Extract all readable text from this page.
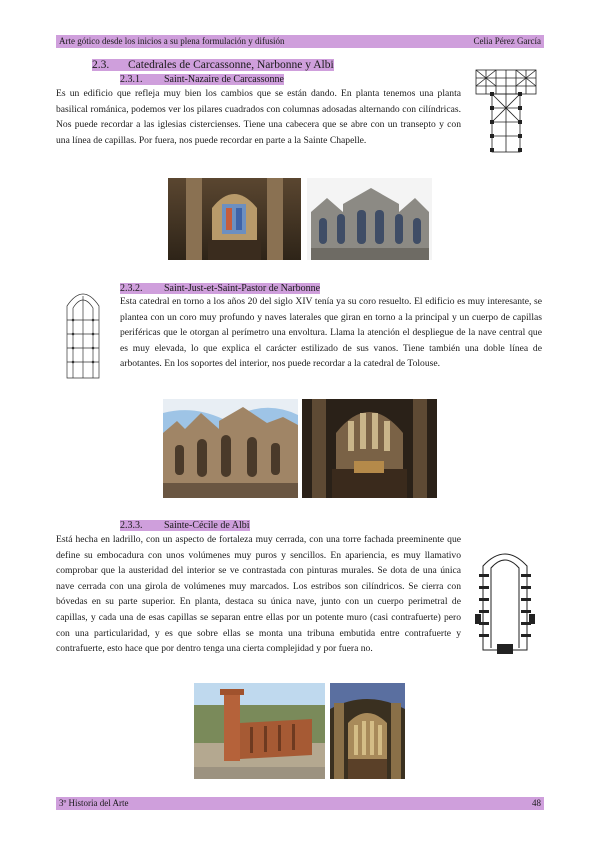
Arte gótico desde los inicios a su plena formulación y difusión	Celia Pérez García
2.3. Catedrales de Carcassonne, Narbonne y Albi
2.3.1. Saint-Nazaire de Carcassonne

Es un edificio que refleja muy bien los cambios que se están dando. En planta tenemos una planta basilical románica, podemos ver los pilares cuadrados con columnas adosadas alternando con cilíndricas. Nos puede recordar a las iglesias cistercienses. Tiene una cabecera que se abre con un transepto y con una línea de capillas. Por fuera, nos puede recordar en parte a la Sainte Chapelle.

2.3.2. Saint-Just-et-Saint-Pastor de Narbonne

Esta catedral en torno a los años 20 del siglo XIV tenía ya su coro resuelto. El edificio es muy interesante, se plantea con un coro muy profundo y naves laterales que giran en torno a la principal y un cuerpo de capillas periféricas que le otorgan al perímetro una envoltura. Llama la atención el despliegue de la nave central que es muy elevada, lo que explica el carácter estilizado de sus vanos. Tiene también una doble línea de arbotantes. En los soportes del interior, nos puede recordar a la catedral de Tolouse.

2.3.3. Sainte-Cécile de Albi

Está hecha en ladrillo, con un aspecto de fortaleza muy cerrada, con una torre fachada preeminente que define su embocadura con unos volúmenes muy puros y sencillos. En apariencia, es muy llamativo comprobar que la austeridad del interior se ve contrastada con pinturas murales. Se dota de una única nave cerrada con una girola de volúmenes muy marcados. Los estribos son cilíndricos. Se cierra con bóvedas en su parte superior. En planta, destaca su única nave, junto con un cuerpo perimetral de capillas, y cada una de esas capillas se separan entre ellas por un potente muro (casi contrafuerte) pero con una particularidad, y es que sobre ellas se monta una tribuna embutida entre contrafuerte y contrafuerte, esto hace que por dentro tenga una cierta complejidad y por fuera no.

3º Historia del Arte	48
